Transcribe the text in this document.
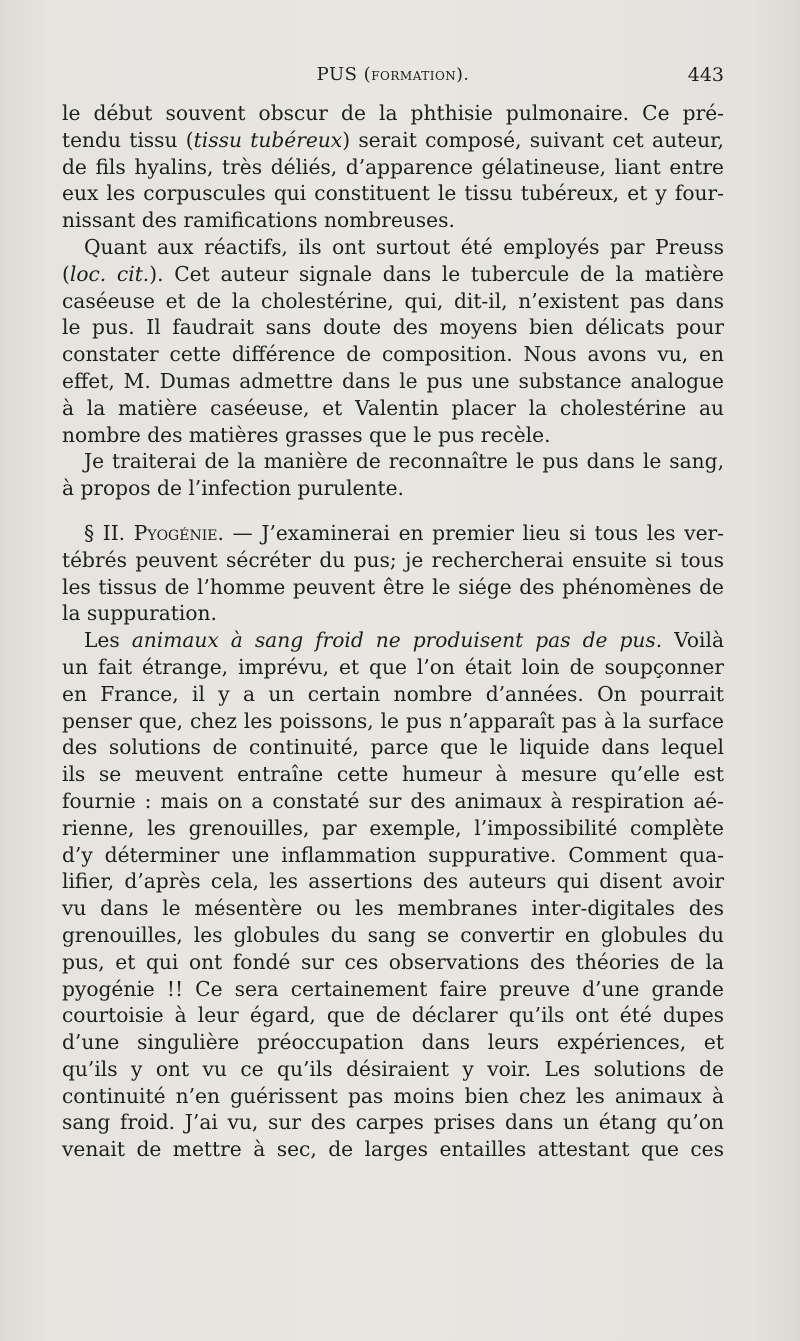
PUS (formation).	443
le début souvent obscur de la phthisie pulmonaire. Ce pré-
tendu tissu (tissu tubéreux) serait composé, suivant cet auteur,
de fils hyalins, très déliés, d’apparence gélatineuse, liant entre
eux les corpuscules qui constituent le tissu tubéreux, et y four-
nissant des ramifications nombreuses.
Quant aux réactifs, ils ont surtout été employés par Preuss
(loc. cit.). Cet auteur signale dans le tubercule de la matière
caséeuse et de la cholestérine, qui, dit-il, n’existent pas dans
le pus. Il faudrait sans doute des moyens bien délicats pour
constater cette différence de composition. Nous avons vu, en
effet, M. Dumas admettre dans le pus une substance analogue
à la matière caséeuse, et Valentin placer la cholestérine au
nombre des matières grasses que le pus recèle.
Je traiterai de la manière de reconnaître le pus dans le sang,
à propos de l’infection purulente.
§ II. Pyogénie. — J’examinerai en premier lieu si tous les ver-
tébrés peuvent sécréter du pus; je rechercherai ensuite si tous
les tissus de l’homme peuvent être le siége des phénomènes de
la suppuration.
Les animaux à sang froid ne produisent pas de pus. Voilà
un fait étrange, imprévu, et que l’on était loin de soupçonner
en France, il y a un certain nombre d’années. On pourrait
penser que, chez les poissons, le pus n’apparaît pas à la surface
des solutions de continuité, parce que le liquide dans lequel
ils se meuvent entraîne cette humeur à mesure qu’elle est
fournie : mais on a constaté sur des animaux à respiration aé-
rienne, les grenouilles, par exemple, l’impossibilité complète
d’y déterminer une inflammation suppurative. Comment qua-
lifier, d’après cela, les assertions des auteurs qui disent avoir
vu dans le mésentère ou les membranes inter-digitales des
grenouilles, les globules du sang se convertir en globules du
pus, et qui ont fondé sur ces observations des théories de la
pyogénie !! Ce sera certainement faire preuve d’une grande
courtoisie à leur égard, que de déclarer qu’ils ont été dupes
d’une singulière préoccupation dans leurs expériences, et
qu’ils y ont vu ce qu’ils désiraient y voir. Les solutions de
continuité n’en guérissent pas moins bien chez les animaux à
sang froid. J’ai vu, sur des carpes prises dans un étang qu’on
venait de mettre à sec, de larges entailles attestant que ces
